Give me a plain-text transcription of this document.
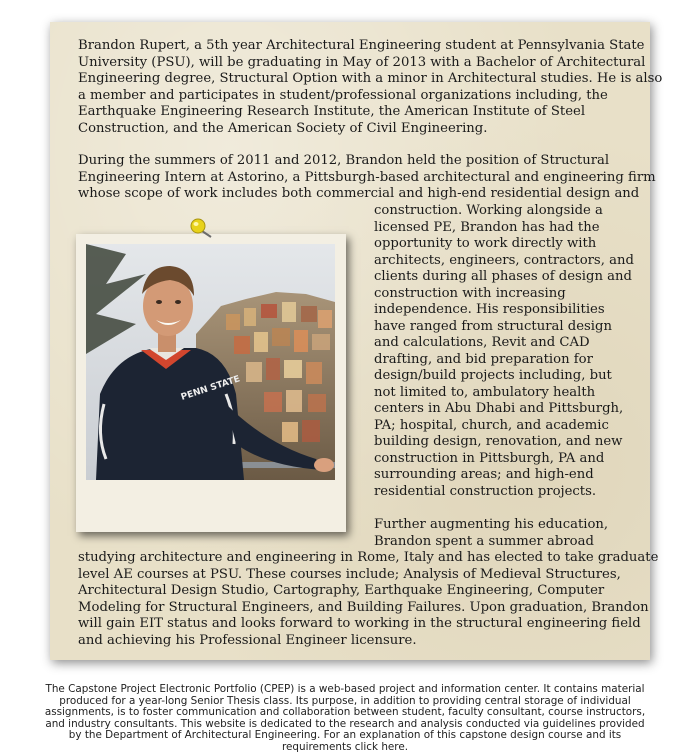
Brandon Rupert, a 5th year Architectural Engineering student at Pennsylvania State
University (PSU), will be graduating in May of 2013 with a Bachelor of Architectural
Engineering degree, Structural Option with a minor in Architectural studies. He is also
a member and participates in student/professional organizations including, the
Earthquake Engineering Research Institute, the American Institute of Steel
Construction, and the American Society of Civil Engineering.
During the summers of 2011 and 2012, Brandon held the position of Structural
Engineering Intern at Astorino, a Pittsburgh-based architectural and engineering firm
whose scope of work includes both commercial and high-end residential design and
construction. Working alongside a
licensed PE, Brandon has had the
opportunity to work directly with
architects, engineers, contractors, and
clients during all phases of design and
construction with increasing
independence. His responsibilities
have ranged from structural design
and calculations, Revit and CAD
drafting, and bid preparation for
design/build projects including, but
not limited to, ambulatory health
centers in Abu Dhabi and Pittsburgh,
PA; hospital, church, and academic
building design, renovation, and new
construction in Pittsburgh, PA and
surrounding areas; and high-end
residential construction projects.
Further augmenting his education,
Brandon spent a summer abroad
studying architecture and engineering in Rome, Italy and has elected to take graduate
level AE courses at PSU. These courses include; Analysis of Medieval Structures,
Architectural Design Studio, Cartography, Earthquake Engineering, Computer
Modeling for Structural Engineers, and Building Failures. Upon graduation, Brandon
will gain EIT status and looks forward to working in the structural engineering field
and achieving his Professional Engineer licensure.
PENN STATE
The Capstone Project Electronic Portfolio (CPEP) is a web-based project and information center. It contains material
produced for a year-long Senior Thesis class. Its purpose, in addition to providing central storage of individual
assignments, is to foster communication and collaboration between student, faculty consultant, course instructors,
and industry consultants. This website is dedicated to the research and analysis conducted via guidelines provided
by the Department of Architectural Engineering. For an explanation of this capstone design course and its
requirements click here.
